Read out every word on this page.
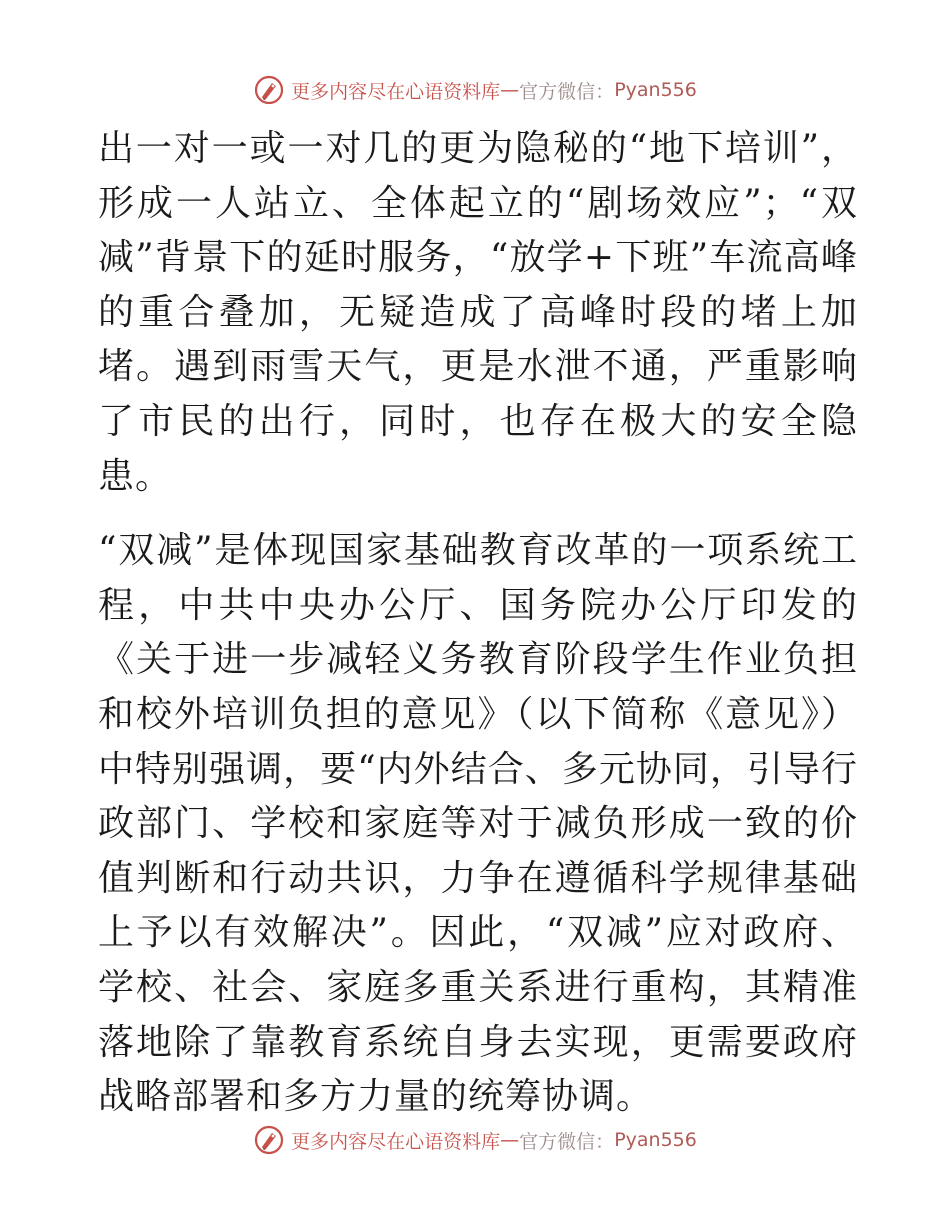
更多内容尽在心语资料库 — 官方微信： Pyan556

出一对一或一对几的更为隐秘的“地下培训”，形成一人站立、全体起立的“剧场效应”；“双减”背景下的延时服务，“放学+下班”车流高峰的重合叠加，无疑造成了高峰时段的堵上加堵。遇到雨雪天气，更是水泄不通，严重影响了市民的出行，同时，也存在极大的安全隐患。

“双减”是体现国家基础教育改革的一项系统工程，中共中央办公厅、国务院办公厅印发的《关于进一步减轻义务教育阶段学生作业负担和校外培训负担的意见》（以下简称《意见》）中特别强调，要“内外结合、多元协同，引导行政部门、学校和家庭等对于减负形成一致的价值判断和行动共识，力争在遵循科学规律基础上予以有效解决”。因此，“双减”应对政府、学校、社会、家庭多重关系进行重构，其精准落地除了靠教育系统自身去实现，更需要政府战略部署和多方力量的统筹协调。

更多内容尽在心语资料库 — 官方微信： Pyan556
